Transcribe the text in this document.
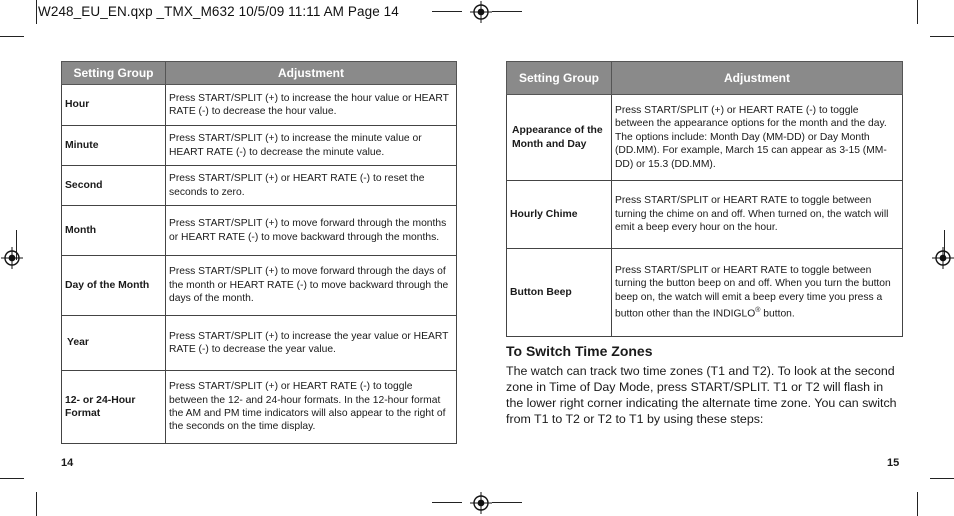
W248_EU_EN.qxp _TMX_M632 10/5/09 11:11 AM Page 14
Setting Group	Adjustment
Hour	Press START/SPLIT (+) to increase the hour value or HEART RATE (-) to decrease the hour value.
Minute	Press START/SPLIT (+) to increase the minute value or HEART RATE (-) to decrease the minute value.
Second	Press START/SPLIT (+) or HEART RATE (-) to reset the seconds to zero.
Month	Press START/SPLIT (+) to move forward through the months or HEART RATE (-) to move backward through the months.
Day of the Month	Press START/SPLIT (+) to move forward through the days of the month or HEART RATE (-) to move backward through the days of the month.
Year	Press START/SPLIT (+) to increase the year value or HEART RATE (-) to decrease the year value.
12- or 24-Hour Format	Press START/SPLIT (+) or HEART RATE (-) to toggle between the 12- and 24-hour formats. In the 12-hour format the AM and PM time indicators will also appear to the right of the seconds on the time display.
14
Setting Group	Adjustment
Appearance of the Month and Day	Press START/SPLIT (+) or HEART RATE (-) to toggle between the appearance options for the month and the day. The options include: Month Day (MM-DD) or Day Month (DD.MM). For example, March 15 can appear as 3-15 (MM-DD) or 15.3 (DD.MM).
Hourly Chime	Press START/SPLIT or HEART RATE to toggle between turning the chime on and off. When turned on, the watch will emit a beep every hour on the hour.
Button Beep	Press START/SPLIT or HEART RATE to toggle between turning the button beep on and off. When you turn the button beep on, the watch will emit a beep every time you press a button other than the INDIGLO® button.
To Switch Time Zones

The watch can track two time zones (T1 and T2). To look at the second zone in Time of Day Mode, press START/SPLIT. T1 or T2 will flash in the lower right corner indicating the alternate time zone. You can switch from T1 to T2 or T2 to T1 by using these steps:

15
